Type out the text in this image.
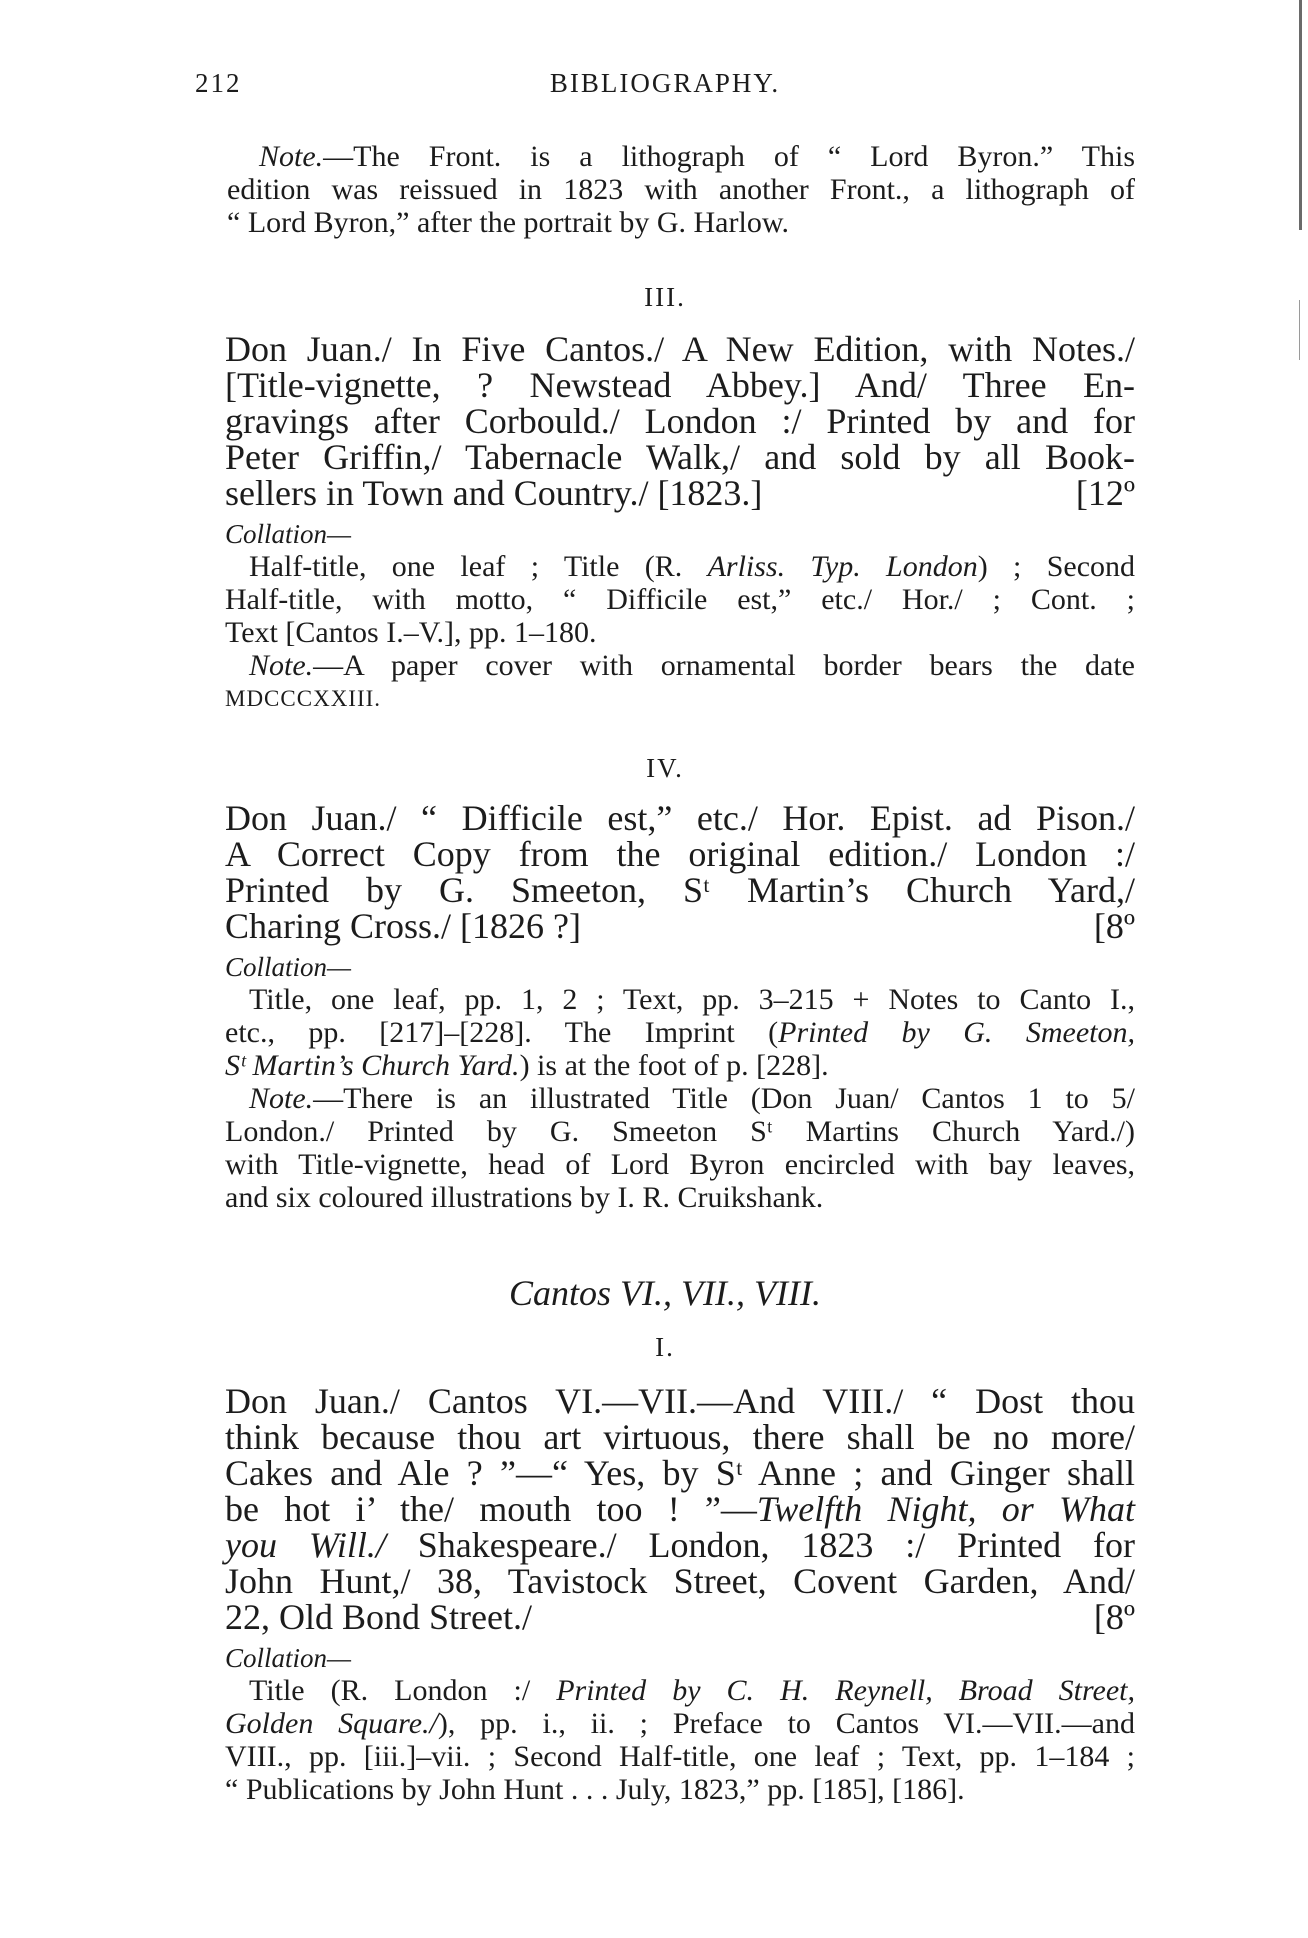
212	BIBLIOGRAPHY.

Note.—The Front. is a lithograph of “ Lord Byron.” This

edition was reissued in 1823 with another Front., a lithograph of

“ Lord Byron,” after the portrait by G. Harlow.

III.

Don Juan./ In Five Cantos./ A New Edition, with Notes./

[Title-vignette, ? Newstead Abbey.] And/ Three En-

gravings after Corbould./ London :/ Printed by and for

Peter Griffin,/ Tabernacle Walk,/ and sold by all Book-

sellers in Town and Country./ [1823.]	[12º

Collation—

Half-title, one leaf ; Title (R. Arliss. Typ. London) ; Second

Half-title, with motto, “ Difficile est,” etc./ Hor./ ; Cont. ;

Text [Cantos I.–V.], pp. 1–180.

Note.—A paper cover with ornamental border bears the date

MDCCCXXIII.

IV.

Don Juan./ “ Difficile est,” etc./ Hor. Epist. ad Pison./

A Correct Copy from the original edition./ London :/

Printed by G. Smeeton, Sᵗ Martin’s Church Yard,/

Charing Cross./ [1826 ?]	[8º

Collation—

Title, one leaf, pp. 1, 2 ; Text, pp. 3–215 + Notes to Canto I.,

etc., pp. [217]–[228]. The Imprint (Printed by G. Smeeton,

Sᵗ Martin’s Church Yard.) is at the foot of p. [228].

Note.—There is an illustrated Title (Don Juan/ Cantos 1 to 5/

London./ Printed by G. Smeeton Sᵗ Martins Church Yard./)

with Title-vignette, head of Lord Byron encircled with bay leaves,

and six coloured illustrations by I. R. Cruikshank.

Cantos VI., VII., VIII.

I.

Don Juan./ Cantos VI.—VII.—And VIII./ “ Dost thou

think because thou art virtuous, there shall be no more/

Cakes and Ale ? ”—“ Yes, by Sᵗ Anne ; and Ginger shall

be hot i’ the/ mouth too ! ”—Twelfth Night, or What

you Will./ Shakespeare./ London, 1823 :/ Printed for

John Hunt,/ 38, Tavistock Street, Covent Garden, And/

22, Old Bond Street./	[8º

Collation—

Title (R. London :/ Printed by C. H. Reynell, Broad Street,

Golden Square./), pp. i., ii. ; Preface to Cantos VI.—VII.—and

VIII., pp. [iii.]–vii. ; Second Half-title, one leaf ; Text, pp. 1–184 ;

“ Publications by John Hunt . . . July, 1823,” pp. [185], [186].
